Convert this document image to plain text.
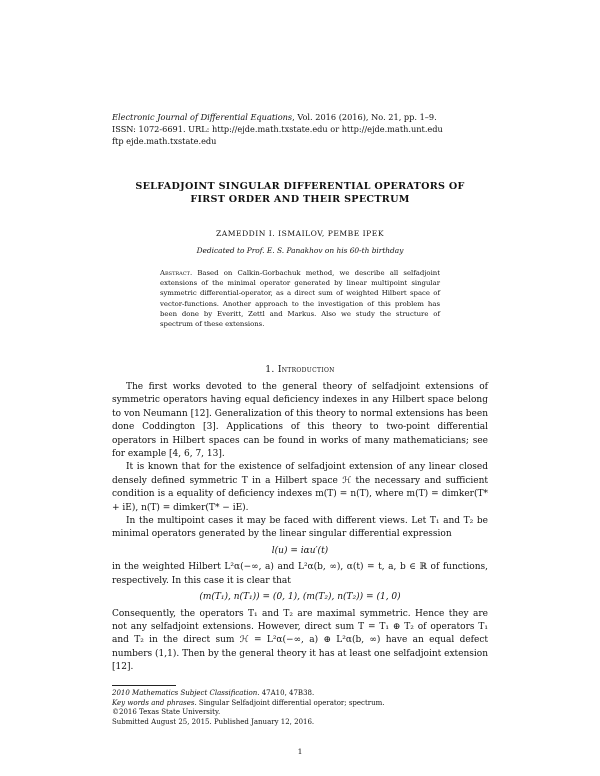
Electronic Journal of Differential Equations, Vol. 2016 (2016), No. 21, pp. 1–9.
ISSN: 1072-6691. URL: http://ejde.math.txstate.edu or http://ejde.math.unt.edu
ftp ejde.math.txstate.edu
SELFADJOINT SINGULAR DIFFERENTIAL OPERATORS OF
FIRST ORDER AND THEIR SPECTRUM
ZAMEDDIN I. ISMAILOV, PEMBE IPEK
Dedicated to Prof. E. S. Panakhov on his 60-th birthday
Abstract. Based on Calkin-Gorbachuk method, we describe all selfadjoint extensions of the minimal operator generated by linear multipoint singular symmetric differential-operator, as a direct sum of weighted Hilbert space of vector-functions. Another approach to the investigation of this problem has been done by Everitt, Zettl and Markus. Also we study the structure of spectrum of these extensions.
1. Introduction

The first works devoted to the general theory of selfadjoint extensions of symmetric operators having equal deficiency indexes in any Hilbert space belong to von Neumann [12]. Generalization of this theory to normal extensions has been done Coddington [3]. Applications of this theory to two-point differential operators in Hilbert spaces can be found in works of many mathematicians; see for example [4, 6, 7, 13].

It is known that for the existence of selfadjoint extension of any linear closed densely defined symmetric T in a Hilbert space ℋ the necessary and sufficient condition is a equality of deficiency indexes m(T) = n(T), where m(T) = dimker(T* + iE), n(T) = dimker(T* − iE).

In the multipoint cases it may be faced with different views. Let T₁ and T₂ be minimal operators generated by the linear singular differential expression

l(u) = iαu′(t)

in the weighted Hilbert L²α(−∞, a) and L²α(b, ∞), α(t) = t, a, b ∈ ℝ of functions, respectively. In this case it is clear that

(m(T₁), n(T₁)) = (0, 1), (m(T₂), n(T₂)) = (1, 0)

Consequently, the operators T₁ and T₂ are maximal symmetric. Hence they are not any selfadjoint extensions. However, direct sum T = T₁ ⊕ T₂ of operators T₁ and T₂ in the direct sum ℋ = L²α(−∞, a) ⊕ L²α(b, ∞) have an equal defect numbers (1,1). Then by the general theory it has at least one selfadjoint extension [12].

2010 Mathematics Subject Classification. 47A10, 47B38.
Key words and phrases. Singular Selfadjoint differential operator; spectrum.
©2016 Texas State University.
Submitted August 25, 2015. Published January 12, 2016.
1
